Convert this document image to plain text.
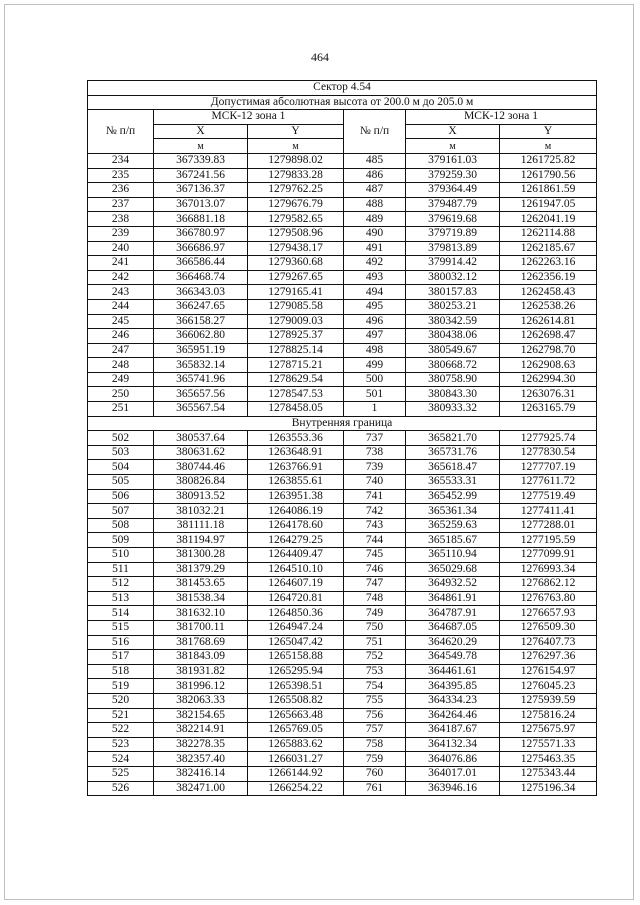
464
Сектор 4.54					
Допустимая абсолютная высота от 200.0 м до 205.0 м					
№ п/п	МСК-12 зона 1		№ п/п	МСК-12 зона 1	
	X	Y		X	Y
	м	м		м	м
234	367339.83	1279898.02	485	379161.03	1261725.82
235	367241.56	1279833.28	486	379259.30	1261790.56
236	367136.37	1279762.25	487	379364.49	1261861.59
237	367013.07	1279676.79	488	379487.79	1261947.05
238	366881.18	1279582.65	489	379619.68	1262041.19
239	366780.97	1279508.96	490	379719.89	1262114.88
240	366686.97	1279438.17	491	379813.89	1262185.67
241	366586.44	1279360.68	492	379914.42	1262263.16
242	366468.74	1279267.65	493	380032.12	1262356.19
243	366343.03	1279165.41	494	380157.83	1262458.43
244	366247.65	1279085.58	495	380253.21	1262538.26
245	366158.27	1279009.03	496	380342.59	1262614.81
246	366062.80	1278925.37	497	380438.06	1262698.47
247	365951.19	1278825.14	498	380549.67	1262798.70
248	365832.14	1278715.21	499	380668.72	1262908.63
249	365741.96	1278629.54	500	380758.90	1262994.30
250	365657.56	1278547.53	501	380843.30	1263076.31
251	365567.54	1278458.05	1	380933.32	1263165.79
Внутренняя граница					
502	380537.64	1263553.36	737	365821.70	1277925.74
503	380631.62	1263648.91	738	365731.76	1277830.54
504	380744.46	1263766.91	739	365618.47	1277707.19
505	380826.84	1263855.61	740	365533.31	1277611.72
506	380913.52	1263951.38	741	365452.99	1277519.49
507	381032.21	1264086.19	742	365361.34	1277411.41
508	381111.18	1264178.60	743	365259.63	1277288.01
509	381194.97	1264279.25	744	365185.67	1277195.59
510	381300.28	1264409.47	745	365110.94	1277099.91
511	381379.29	1264510.10	746	365029.68	1276993.34
512	381453.65	1264607.19	747	364932.52	1276862.12
513	381538.34	1264720.81	748	364861.91	1276763.80
514	381632.10	1264850.36	749	364787.91	1276657.93
515	381700.11	1264947.24	750	364687.05	1276509.30
516	381768.69	1265047.42	751	364620.29	1276407.73
517	381843.09	1265158.88	752	364549.78	1276297.36
518	381931.82	1265295.94	753	364461.61	1276154.97
519	381996.12	1265398.51	754	364395.85	1276045.23
520	382063.33	1265508.82	755	364334.23	1275939.59
521	382154.65	1265663.48	756	364264.46	1275816.24
522	382214.91	1265769.05	757	364187.67	1275675.97
523	382278.35	1265883.62	758	364132.34	1275571.33
524	382357.40	1266031.27	759	364076.86	1275463.35
525	382416.14	1266144.92	760	364017.01	1275343.44
526	382471.00	1266254.22	761	363946.16	1275196.34
